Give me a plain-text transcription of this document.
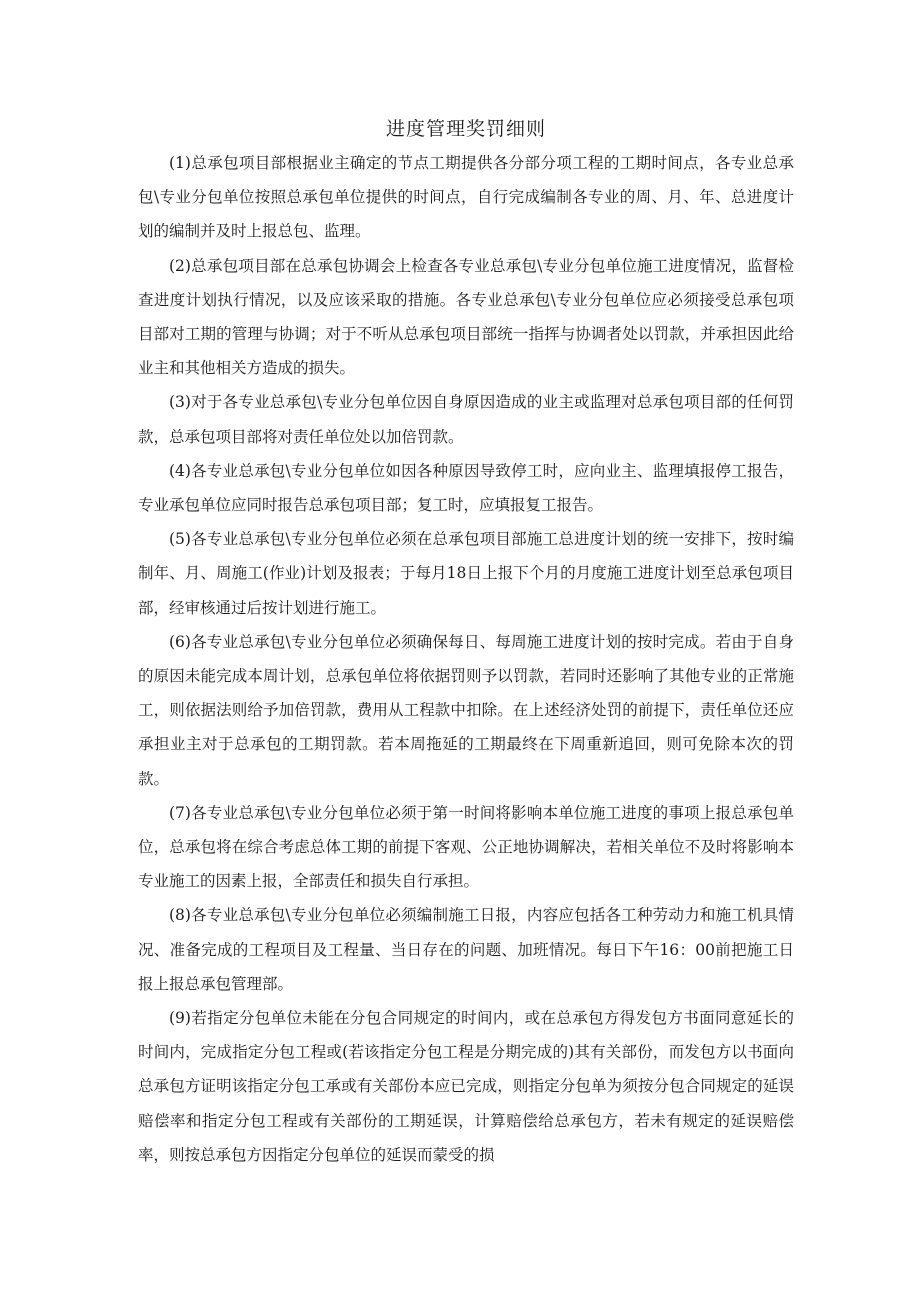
进度管理奖罚细则

(1)总承包项目部根据业主确定的节点工期提供各分部分项工程的工期时间点，各专业总承包\专业分包单位按照总承包单位提供的时间点，自行完成编制各专业的周、月、年、总进度计划的编制并及时上报总包、监理。

(2)总承包项目部在总承包协调会上检查各专业总承包\专业分包单位施工进度情况，监督检查进度计划执行情况，以及应该采取的措施。各专业总承包\专业分包单位应必须接受总承包项目部对工期的管理与协调；对于不听从总承包项目部统一指挥与协调者处以罚款，并承担因此给业主和其他相关方造成的损失。

(3)对于各专业总承包\专业分包单位因自身原因造成的业主或监理对总承包项目部的任何罚款，总承包项目部将对责任单位处以加倍罚款。

(4)各专业总承包\专业分包单位如因各种原因导致停工时，应向业主、监理填报停工报告，专业承包单位应同时报告总承包项目部；复工时，应填报复工报告。

(5)各专业总承包\专业分包单位必须在总承包项目部施工总进度计划的统一安排下，按时编制年、月、周施工(作业)计划及报表；于每月18日上报下个月的月度施工进度计划至总承包项目部，经审核通过后按计划进行施工。

(6)各专业总承包\专业分包单位必须确保每日、每周施工进度计划的按时完成。若由于自身的原因未能完成本周计划，总承包单位将依据罚则予以罚款，若同时还影响了其他专业的正常施工，则依据法则给予加倍罚款，费用从工程款中扣除。在上述经济处罚的前提下，责任单位还应承担业主对于总承包的工期罚款。若本周拖延的工期最终在下周重新追回，则可免除本次的罚款。

(7)各专业总承包\专业分包单位必须于第一时间将影响本单位施工进度的事项上报总承包单位，总承包将在综合考虑总体工期的前提下客观、公正地协调解决，若相关单位不及时将影响本专业施工的因素上报，全部责任和损失自行承担。

(8)各专业总承包\专业分包单位必须编制施工日报，内容应包括各工种劳动力和施工机具情况、准备完成的工程项目及工程量、当日存在的问题、加班情况。每日下午16：00前把施工日报上报总承包管理部。

(9)若指定分包单位未能在分包合同规定的时间内，或在总承包方得发包方书面同意延长的时间内，完成指定分包工程或(若该指定分包工程是分期完成的)其有关部份，而发包方以书面向总承包方证明该指定分包工承或有关部份本应已完成，则指定分包单为须按分包合同规定的延误赔偿率和指定分包工程或有关部份的工期延误，计算赔偿给总承包方，若未有规定的延误赔偿率，则按总承包方因指定分包单位的延误而蒙受的损
